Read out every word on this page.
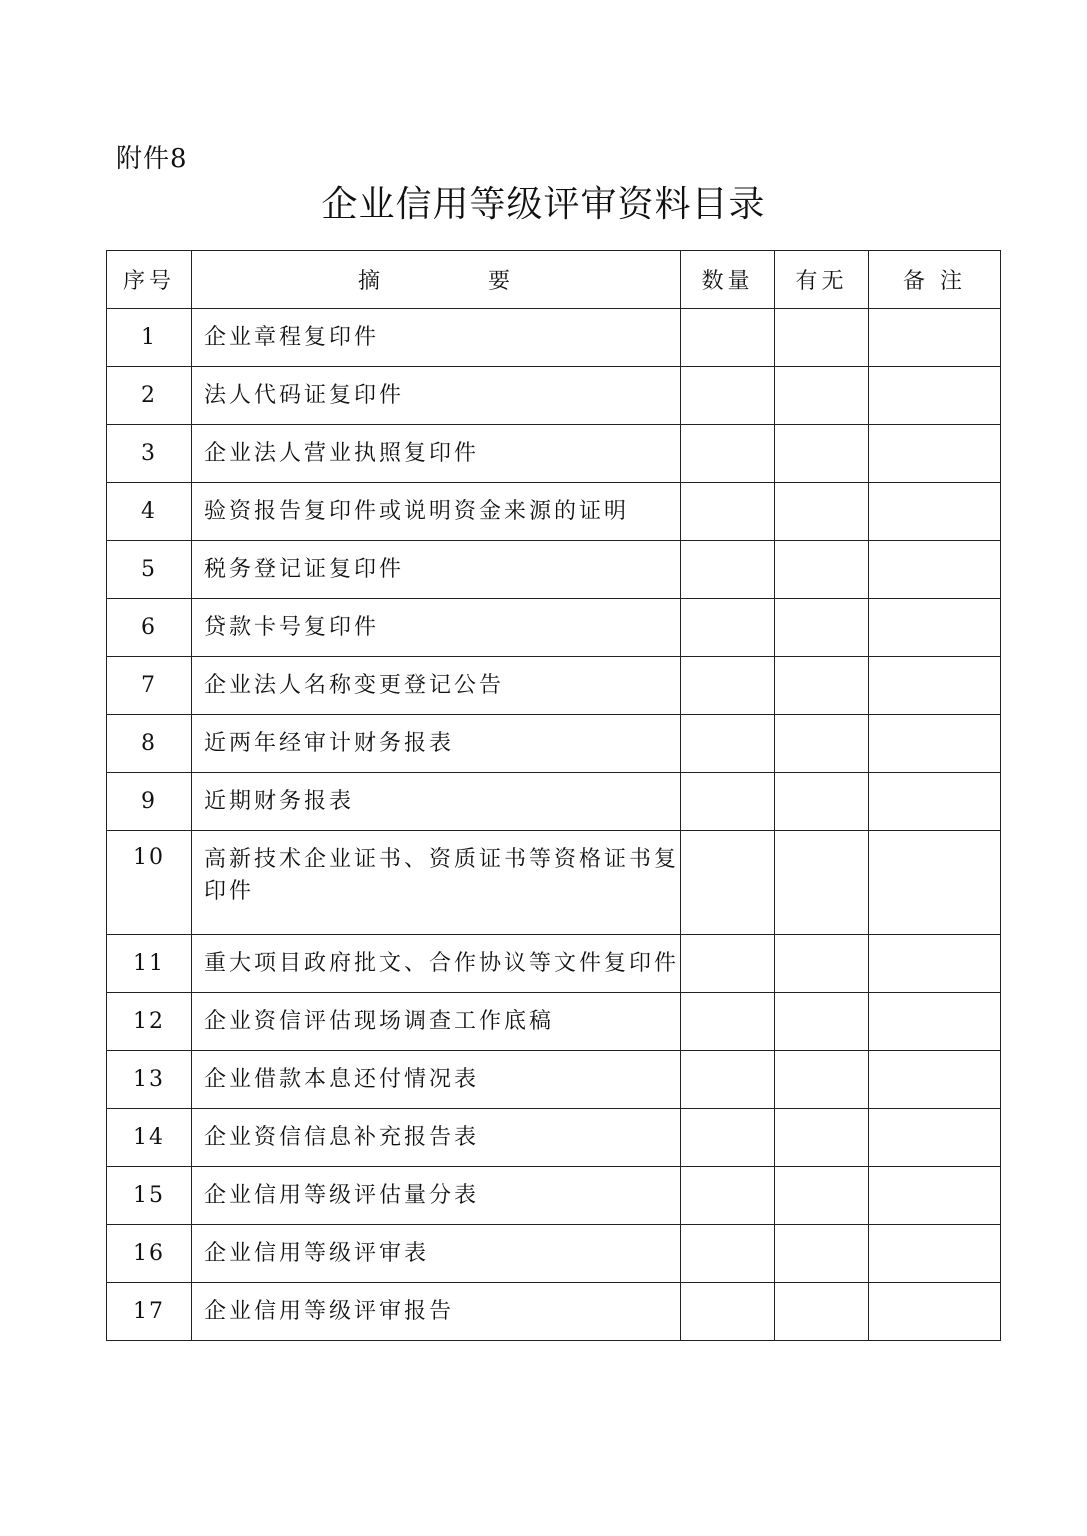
附件8
企业信用等级评审资料目录
序号	摘　　　　要	数量	有无	备 注
1	企业章程复印件			
2	法人代码证复印件			
3	企业法人营业执照复印件			
4	验资报告复印件或说明资金来源的证明			
5	税务登记证复印件			
6	贷款卡号复印件			
7	企业法人名称变更登记公告			
8	近两年经审计财务报表			
9	近期财务报表			
10	高新技术企业证书、资质证书等资格证书复印件			
11	重大项目政府批文、合作协议等文件复印件			
12	企业资信评估现场调查工作底稿			
13	企业借款本息还付情况表			
14	企业资信信息补充报告表			
15	企业信用等级评估量分表			
16	企业信用等级评审表			
17	企业信用等级评审报告			
